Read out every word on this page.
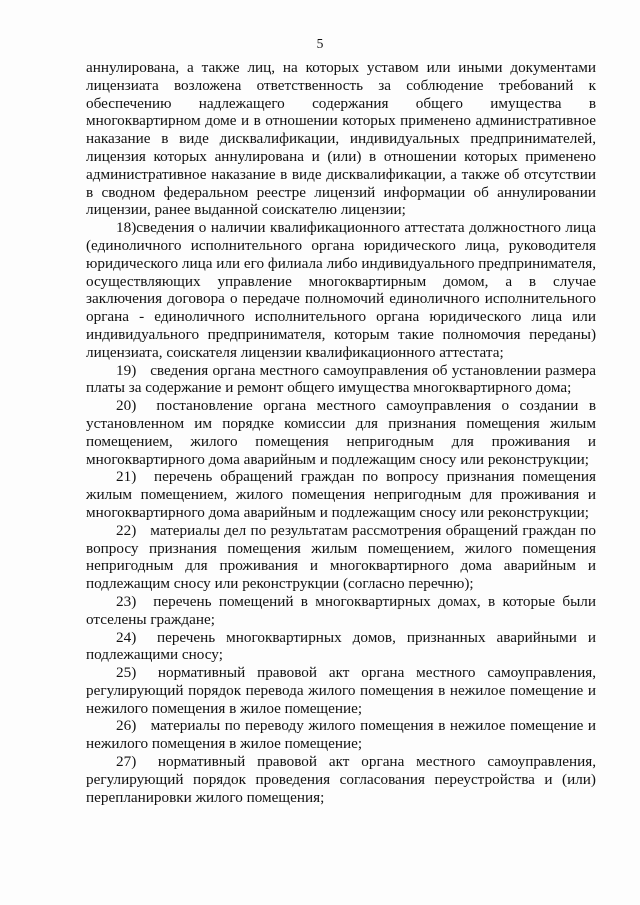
5

аннулирована, а также лиц, на которых уставом или иными документами лицензиата возложена ответственность за соблюдение требований к обеспечению надлежащего содержания общего имущества в многоквартирном доме и в отношении которых применено административное наказание в виде дисквалификации, индивидуальных предпринимателей, лицензия которых аннулирована и (или) в отношении которых применено административное наказание в виде дисквалификации, а также об отсутствии в сводном федеральном реестре лицензий информации об аннулировании лицензии, ранее выданной соискателю лицензии;

18)сведения о наличии квалификационного аттестата должностного лица (единоличного исполнительного органа юридического лица, руководителя юридического лица или его филиала либо индивидуального предпринимателя, осуществляющих управление многоквартирным домом, а в случае заключения договора о передаче полномочий единоличного исполнительного органа - единоличного исполнительного органа юридического лица или индивидуального предпринимателя, которым такие полномочия переданы) лицензиата, соискателя лицензии квалификационного аттестата;

19) сведения органа местного самоуправления об установлении размера платы за содержание и ремонт общего имущества многоквартирного дома;

20) постановление органа местного самоуправления о создании в установленном им порядке комиссии для признания помещения жилым помещением, жилого помещения непригодным для проживания и многоквартирного дома аварийным и подлежащим сносу или реконструкции;

21) перечень обращений граждан по вопросу признания помещения жилым помещением, жилого помещения непригодным для проживания и многоквартирного дома аварийным и подлежащим сносу или реконструкции;

22) материалы дел по результатам рассмотрения обращений граждан по вопросу признания помещения жилым помещением, жилого помещения непригодным для проживания и многоквартирного дома аварийным и подлежащим сносу или реконструкции (согласно перечню);

23) перечень помещений в многоквартирных домах, в которые были отселены граждане;

24) перечень многоквартирных домов, признанных аварийными и подлежащими сносу;

25) нормативный правовой акт органа местного самоуправления, регулирующий порядок перевода жилого помещения в нежилое помещение и нежилого помещения в жилое помещение;

26) материалы по переводу жилого помещения в нежилое помещение и нежилого помещения в жилое помещение;

27) нормативный правовой акт органа местного самоуправления, регулирующий порядок проведения согласования переустройства и (или) перепланировки жилого помещения;
